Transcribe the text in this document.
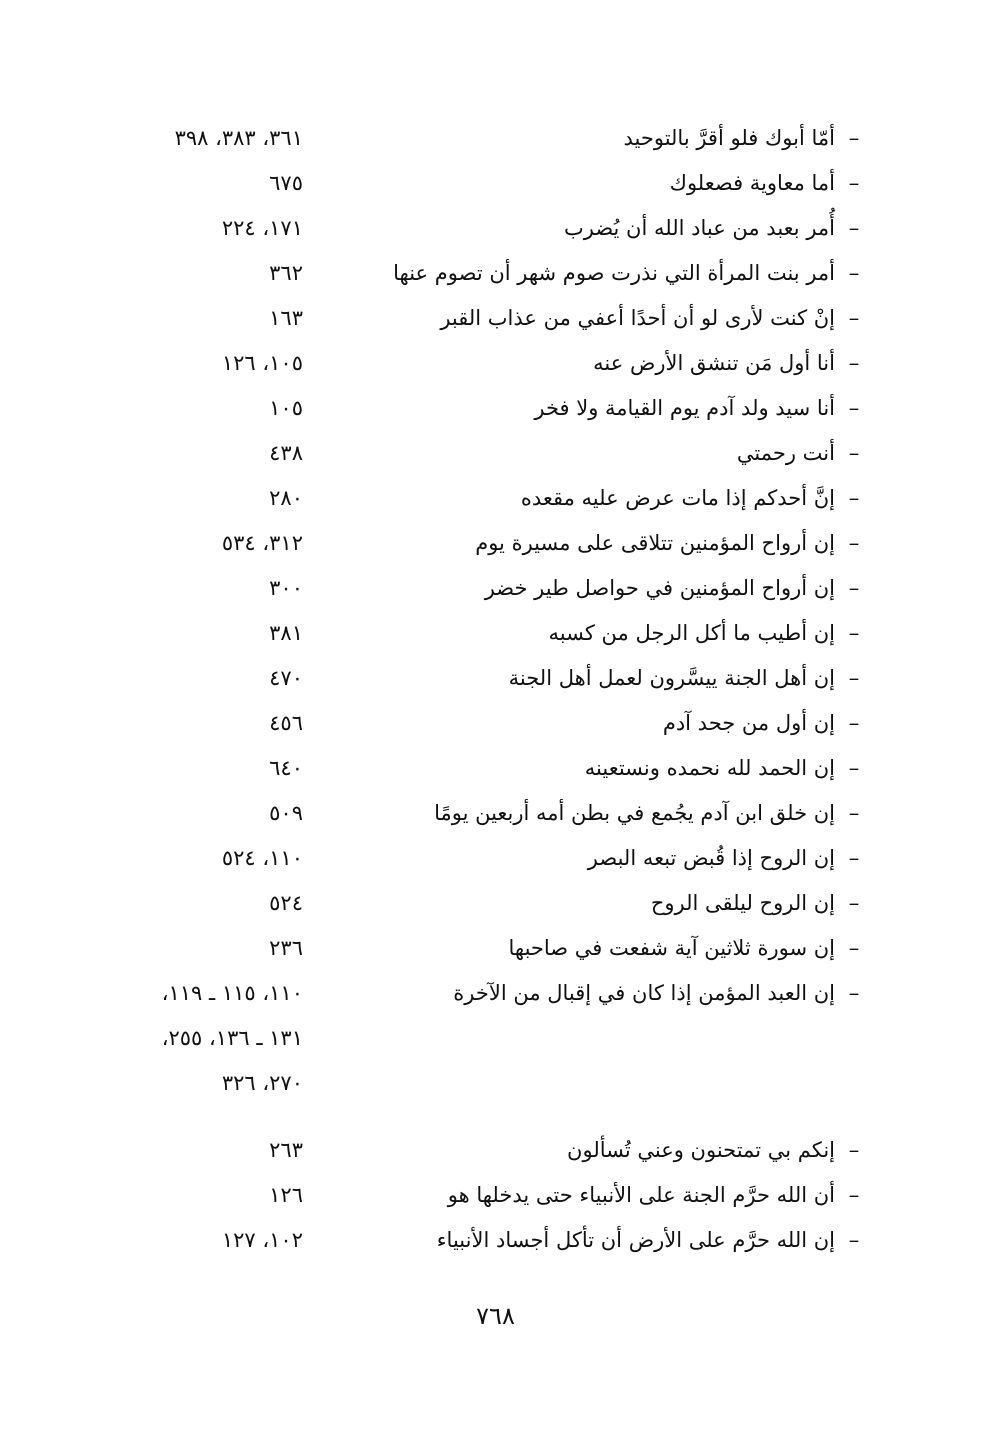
–
أمّا أبوك فلو أقرَّ بالتوحيد
٣٦١، ٣٨٣، ٣٩٨
–
أما معاوية فصعلوك
٦٧٥
–
أُمر بعبد من عباد الله أن يُضرب
١٧١، ٢٢٤
–
أمر بنت المرأة التي نذرت صوم شهر أن تصوم عنها
٣٦٢
–
إنْ كنت لأرى لو أن أحدًا أعفي من عذاب القبر
١٦٣
–
أنا أول مَن تنشق الأرض عنه
١٠٥، ١٢٦
–
أنا سيد ولد آدم يوم القيامة ولا فخر
١٠٥
–
أنت رحمتي
٤٣٨
–
إنَّ أحدكم إذا مات عرض عليه مقعده
٢٨٠
–
إن أرواح المؤمنين تتلاقى على مسيرة يوم
٣١٢، ٥٣٤
–
إن أرواح المؤمنين في حواصل طير خضر
٣٠٠
–
إن أطيب ما أكل الرجل من كسبه
٣٨١
–
إن أهل الجنة ييسَّرون لعمل أهل الجنة
٤٧٠
–
إن أول من جحد آدم
٤٥٦
–
إن الحمد لله نحمده ونستعينه
٦٤٠
–
إن خلق ابن آدم يجُمع في بطن أمه أربعين يومًا
٥٠٩
–
إن الروح إذا قُبض تبعه البصر
١١٠، ٥٢٤
–
إن الروح ليلقى الروح
٥٢٤
–
إن سورة ثلاثين آية شفعت في صاحبها
٢٣٦
–
إن العبد المؤمن إذا كان في إقبال من الآخرة
١١٠، ١١٥ ـ ١١٩،
١٣١ ـ ١٣٦، ٢٥٥،
٢٧٠، ٣٢٦
–
إنكم بي تمتحنون وعني تُسألون
٢٦٣
–
أن الله حرَّم الجنة على الأنبياء حتى يدخلها هو
١٢٦
–
إن الله حرَّم على الأرض أن تأكل أجساد الأنبياء
١٠٢، ١٢٧
٧٦٨
